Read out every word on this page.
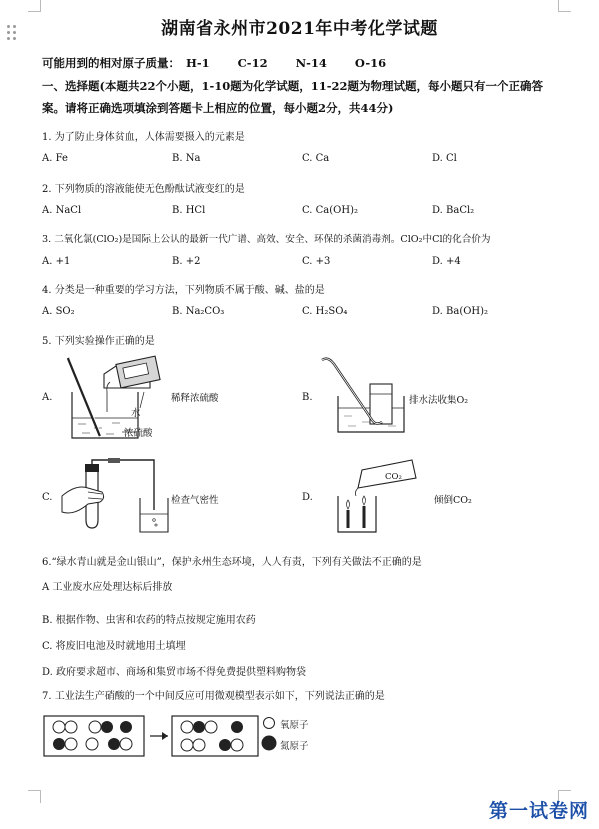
湖南省永州市2021年中考化学试题
可能用到的相对原子质量： H-1 C-12 N-14 O-16
一、选择题(本题共22个小题，1-10题为化学试题，11-22题为物理试题，每小题只有一个正确答案。请将正确选项填涂到答题卡上相应的位置，每小题2分，共44分)
1. 为了防止身体贫血，人体需要摄入的元素是
A. Fe	B. Na	C. Ca	D. Cl
2. 下列物质的溶液能使无色酚酞试液变红的是
A. NaCl	B. HCl	C. Ca(OH)₂	D. BaCl₂
3. 二氧化氯(ClO₂)是国际上公认的最新一代广谱、高效、安全、环保的杀菌消毒剂。ClO₂中Cl的化合价为
A. +1	B. +2	C. +3	D. +4
4. 分类是一种重要的学习方法，下列物质不属于酸、碱、盐的是
A. SO₂	B. Na₂CO₃	C. H₂SO₄	D. Ba(OH)₂
5. 下列实验操作正确的是
A.
水
浓硫酸
稀释浓硫酸	B.	排水法收集O₂
C.	检查气密性	D.
CO₂
倾倒CO₂
6.“绿水青山就是金山银山”，保护永州生态环境，人人有责，下列有关做法不正确的是
A 工业废水应处理达标后排放
B. 根据作物、虫害和农药的特点按规定施用农药
C. 将废旧电池及时就地用土填埋
D. 政府要求超市、商场和集贸市场不得免费提供塑料购物袋
7. 工业法生产硝酸的一个中间反应可用微观模型表示如下，下列说法正确的是
氧原子
氮原子
第一试卷网
